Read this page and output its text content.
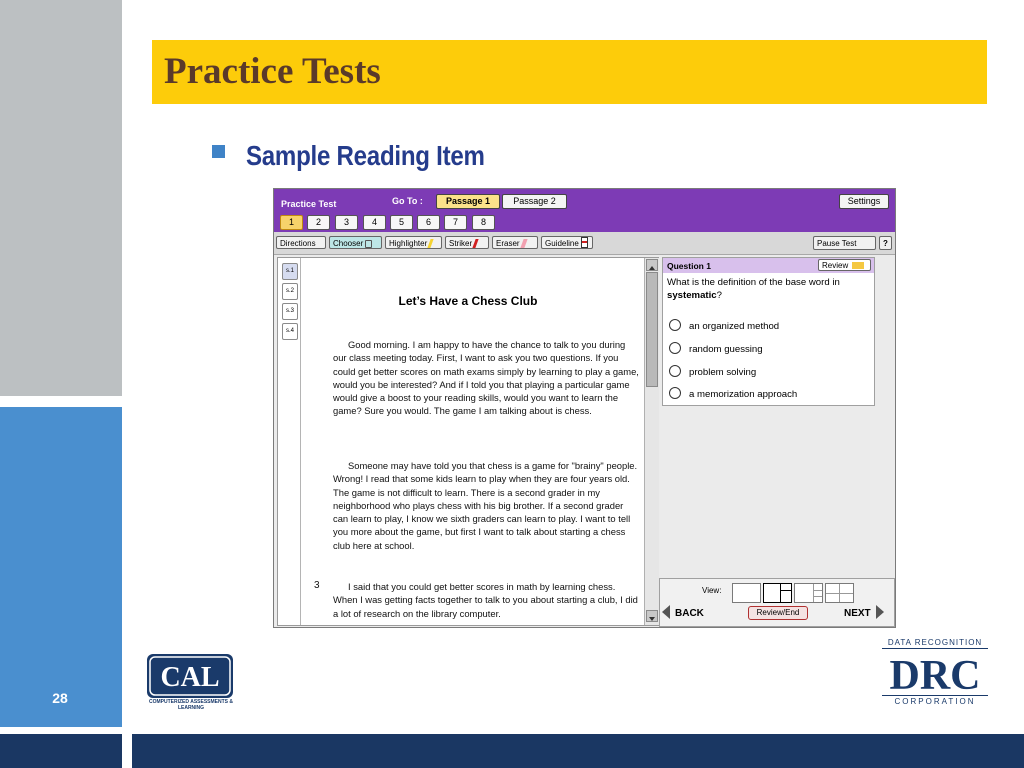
Practice Tests
Sample Reading Item
28
Practice Test	Go To :	Passage 1	Passage 2	Settings
1	2	3	4	5	6	7	8
Directions	Chooser	Highlighter	Striker	Eraser	Guideline	Pause Test	?
s.1
s.2
s.3
s.4
Let’s Have a Chess Club
Good morning. I am happy to have the chance to talk to you during our class meeting today. First, I want to ask you two questions. If you could get better scores on math exams simply by learning to play a game, would you be interested? And if I told you that playing a particular game would give a boost to your reading skills, would you want to learn the game? Sure you would. The game I am talking about is chess.
Someone may have told you that chess is a game for "brainy" people. Wrong! I read that some kids learn to play when they are four years old. The game is not difficult to learn. There is a second grader in my neighborhood who plays chess with his big brother. If a second grader can learn to play, I know we sixth graders can learn to play. I want to tell you more about the game, but first I want to talk about starting a chess club here at school.
3	I said that you could get better scores in math by learning chess. When I was getting facts together to talk to you about starting a club, I did a lot of research on the library computer.
Question 1	Review
What is the definition of the base word in systematic?
an organized method
random guessing
problem solving
a memorization approach
View:
BACK	Review/End	NEXT
CAL
COMPUTERIZED ASSESSMENTS & LEARNING
DATA RECOGNITION
DRC
CORPORATION
